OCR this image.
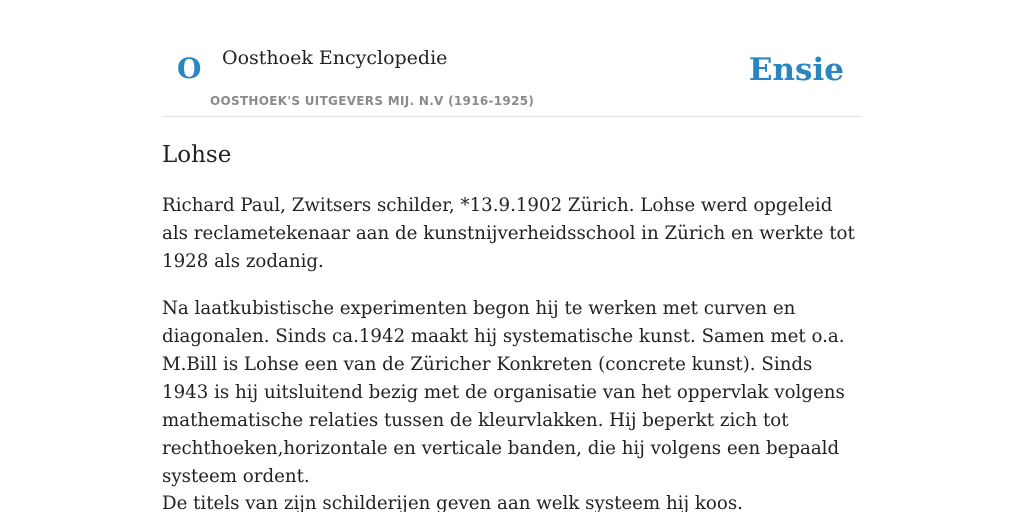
O Oosthoek Encyclopedie
OOSTHOEK'S UITGEVERS MIJ. N.V (1916-1925)
Ensie
Lohse

Richard Paul, Zwitsers schilder, *13.9.1902 Zürich. Lohse werd opgeleid als reclametekenaar aan de kunstnijverheidsschool in Zürich en werkte tot 1928 als zodanig.

Na laatkubistische experimenten begon hij te werken met curven en diagonalen. Sinds ca.1942 maakt hij systematische kunst. Samen met o.a. M.Bill is Lohse een van de Züricher Konkreten (concrete kunst). Sinds 1943 is hij uitsluitend bezig met de organisatie van het oppervlak volgens mathematische relaties tussen de kleurvlakken. Hij beperkt zich tot rechthoeken,horizontale en verticale banden, die hij volgens een bepaald systeem ordent.

De titels van zijn schilderijen geven aan welk systeem hij koos.
